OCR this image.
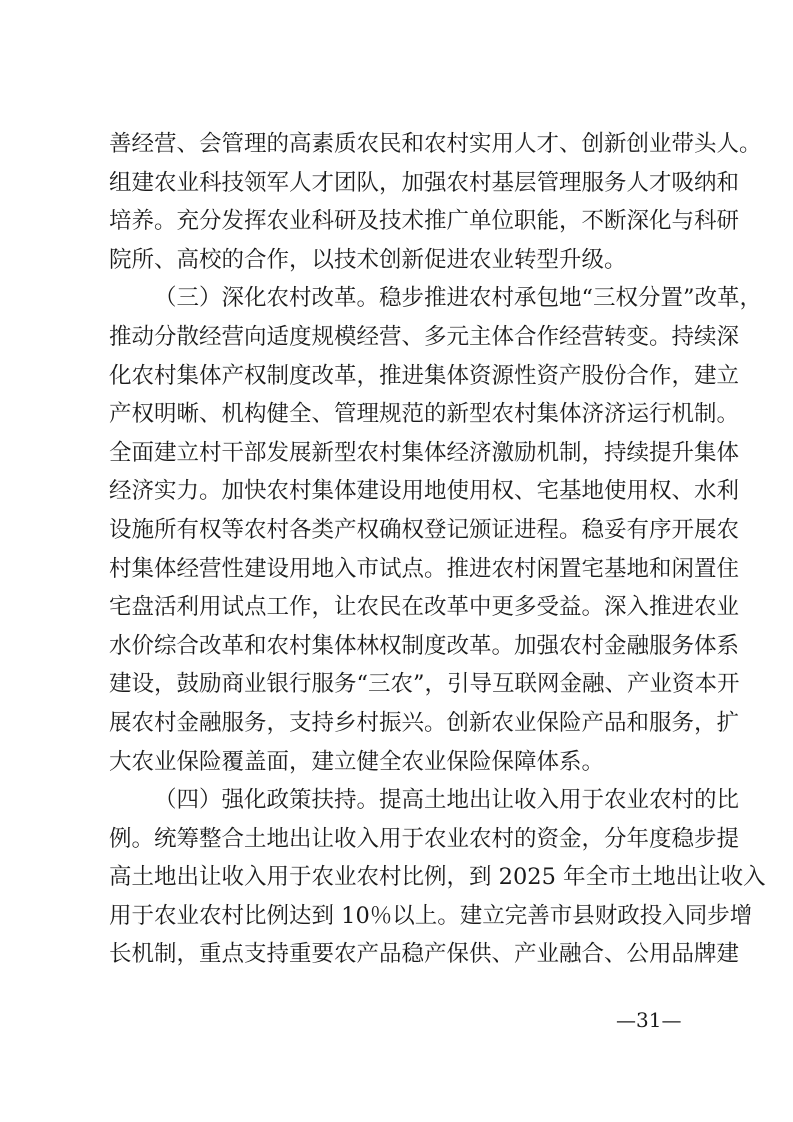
善经营、会管理的高素质农民和农村实用人才、创新创业带头人。
组建农业科技领军人才团队，加强农村基层管理服务人才吸纳和
培养。充分发挥农业科研及技术推广单位职能，不断深化与科研
院所、高校的合作，以技术创新促进农业转型升级。
（三）深化农村改革。稳步推进农村承包地“三权分置”改革，
推动分散经营向适度规模经营、多元主体合作经营转变。持续深
化农村集体产权制度改革，推进集体资源性资产股份合作，建立
产权明晰、机构健全、管理规范的新型农村集体济济运行机制。
全面建立村干部发展新型农村集体经济激励机制，持续提升集体
经济实力。加快农村集体建设用地使用权、宅基地使用权、水利
设施所有权等农村各类产权确权登记颁证进程。稳妥有序开展农
村集体经营性建设用地入市试点。推进农村闲置宅基地和闲置住
宅盘活利用试点工作，让农民在改革中更多受益。深入推进农业
水价综合改革和农村集体林权制度改革。加强农村金融服务体系
建设，鼓励商业银行服务“三农”，引导互联网金融、产业资本开
展农村金融服务，支持乡村振兴。创新农业保险产品和服务，扩
大农业保险覆盖面，建立健全农业保险保障体系。
（四）强化政策扶持。提高土地出让收入用于农业农村的比
例。统筹整合土地出让收入用于农业农村的资金，分年度稳步提
高土地出让收入用于农业农村比例，到 2025 年全市土地出让收入
用于农业农村比例达到 10％以上。建立完善市县财政投入同步增
长机制，重点支持重要农产品稳产保供、产业融合、公用品牌建
—31—
